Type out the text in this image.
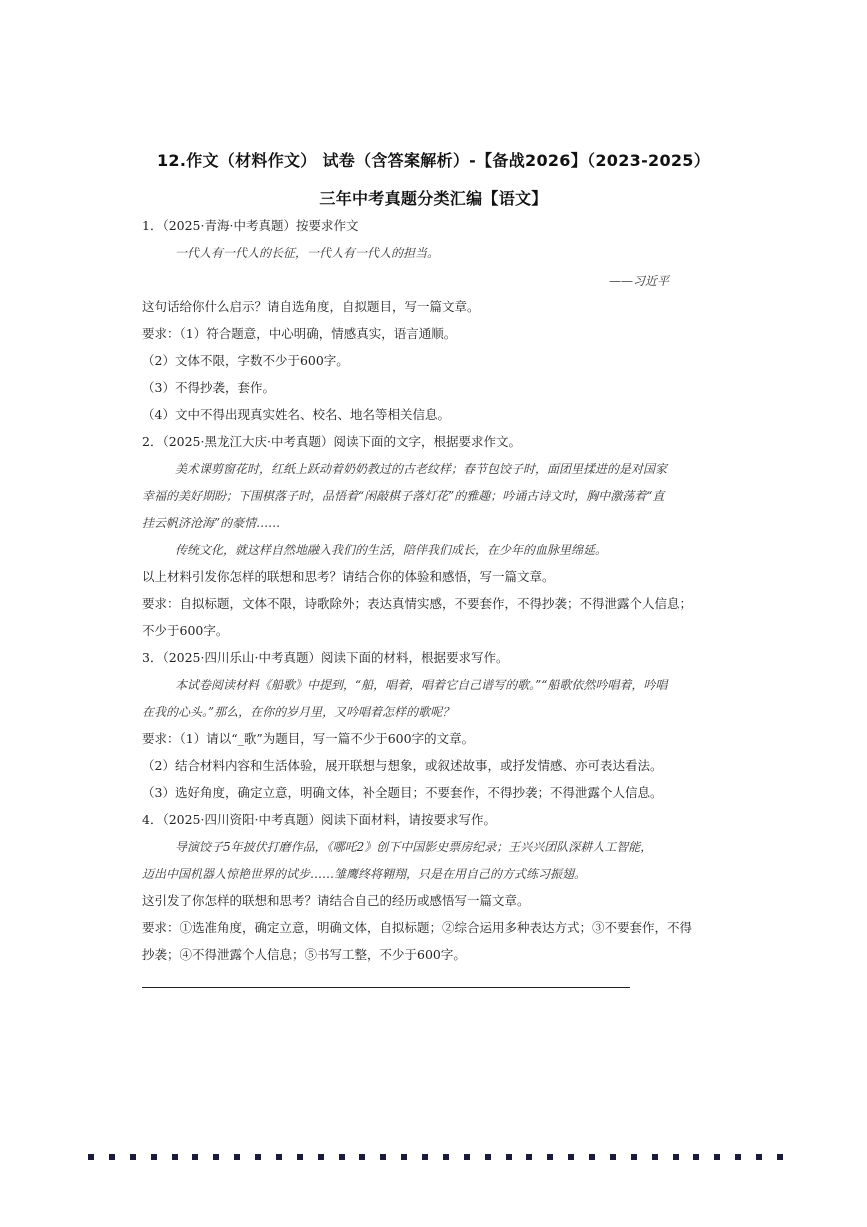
12.作文（材料作文） 试卷（含答案解析）-【备战2026】（2023-2025）
三年中考真题分类汇编【语文】
1．（2025·青海·中考真题）按要求作文
一代人有一代人的长征，一代人有一代人的担当。
——习近平
这句话给你什么启示？请自选角度，自拟题目，写一篇文章。
要求：（1）符合题意，中心明确，情感真实，语言通顺。
（2）文体不限，字数不少于600字。
（3）不得抄袭，套作。
（4）文中不得出现真实姓名、校名、地名等相关信息。
2．（2025·黑龙江大庆·中考真题）阅读下面的文字，根据要求作文。
美术课剪窗花时，红纸上跃动着奶奶教过的古老纹样；春节包饺子时，面团里揉进的是对国家
幸福的美好期盼；下围棋落子时，品悟着“闲敲棋子落灯花”的雅趣；吟诵古诗文时，胸中激荡着“直
挂云帆济沧海”的豪情……
传统文化，就这样自然地融入我们的生活，陪伴我们成长，在少年的血脉里绵延。
以上材料引发你怎样的联想和思考？请结合你的体验和感悟，写一篇文章。
要求：自拟标题，文体不限，诗歌除外；表达真情实感，不要套作，不得抄袭；不得泄露个人信息；
不少于600字。
3．（2025·四川乐山·中考真题）阅读下面的材料，根据要求写作。
本试卷阅读材料《船歌》中提到，“船，唱着，唱着它自己谱写的歌。”“船歌依然吟唱着，吟唱
在我的心头。”那么，在你的岁月里，又吟唱着怎样的歌呢？
要求：（1）请以“_歌”为题目，写一篇不少于600字的文章。
（2）结合材料内容和生活体验，展开联想与想象，或叙述故事，或抒发情感、亦可表达看法。
（3）选好角度，确定立意，明确文体，补全题目；不要套作，不得抄袭；不得泄露个人信息。
4．（2025·四川资阳·中考真题）阅读下面材料，请按要求写作。
导演饺子5年披伏打磨作品，《哪吒2》创下中国影史票房纪录；王兴兴团队深耕人工智能，
迈出中国机器人惊艳世界的试步……雏鹰终将翱翔，只是在用自己的方式练习振翅。
这引发了你怎样的联想和思考？请结合自己的经历或感悟写一篇文章。
要求：①选准角度，确定立意，明确文体，自拟标题；②综合运用多种表达方式；③不要套作，不得
抄袭；④不得泄露个人信息；⑤书写工整，不少于600字。
